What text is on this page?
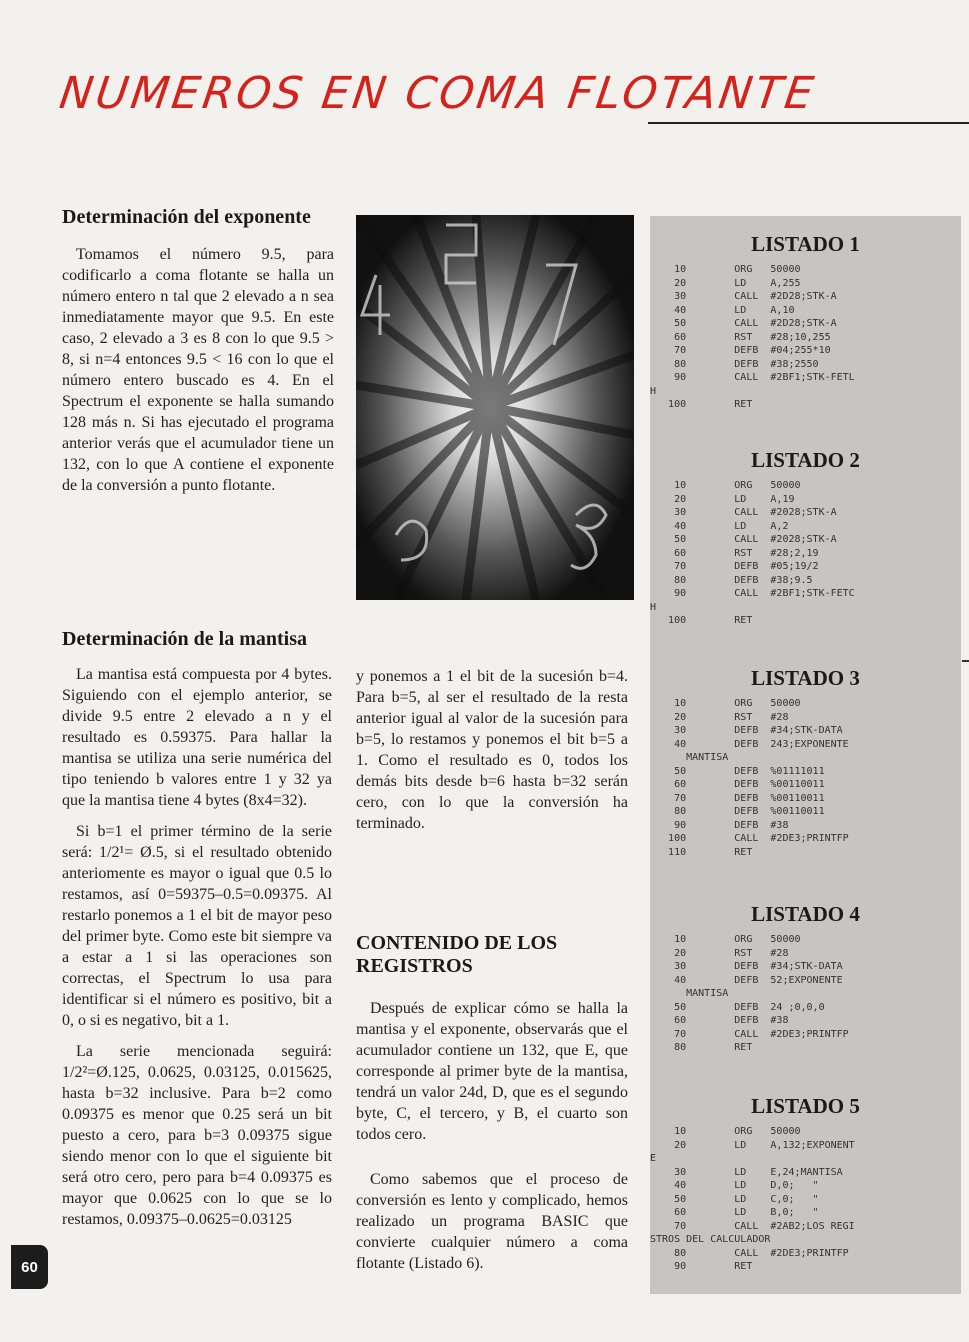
NUMEROS EN COMA FLOTANTE
Determinación del exponente

Tomamos el número 9.5, para codificarlo a coma flotante se halla un número entero n tal que 2 elevado a n sea inmediatamente mayor que 9.5. En este caso, 2 elevado a 3 es 8 con lo que 9.5 > 8, si n=4 entonces 9.5 < 16 con lo que el número entero buscado es 4. En el Spectrum el exponente se halla sumando 128 más n. Si has ejecutado el programa anterior verás que el acumulador tiene un 132, con lo que A contiene el exponente de la conversión a punto flotante.

Determinación de la mantisa

La mantisa está compuesta por 4 bytes. Siguiendo con el ejemplo anterior, se divide 9.5 entre 2 elevado a n y el resultado es 0.59375. Para hallar la mantisa se utiliza una serie numérica del tipo teniendo b valores entre 1 y 32 ya que la mantisa tiene 4 bytes (8x4=32).

Si b=1 el primer término de la serie será: 1/2¹= Ø.5, si el resultado obtenido anteriomente es mayor o igual que 0.5 lo restamos, así 0=59375–0.5=0.09375. Al restarlo ponemos a 1 el bit de mayor peso del primer byte. Como este bit siempre va a estar a 1 si las operaciones son correctas, el Spectrum lo usa para identificar si el número es positivo, bit a 0, o si es negativo, bit a 1.

La serie mencionada seguirá: 1/2²=Ø.125, 0.0625, 0.03125, 0.015625, hasta b=32 inclusive. Para b=2 como 0.09375 es menor que 0.25 será un bit puesto a cero, para b=3 0.09375 sigue siendo menor con lo que el siguiente bit será otro cero, pero para b=4 0.09375 es mayor que 0.0625 con lo que se lo restamos, 0.09375–0.0625=0.03125

y ponemos a 1 el bit de la sucesión b=4. Para b=5, al ser el resultado de la resta anterior igual al valor de la sucesión para b=5, lo restamos y ponemos el bit b=5 a 1. Como el resultado es 0, todos los demás bits desde b=6 hasta b=32 serán cero, con lo que la conversión ha terminado.

CONTENIDO DE LOS REGISTROS

Después de explicar cómo se halla la mantisa y el exponente, observarás que el acumulador contiene un 132, que E, que corresponde al primer byte de la mantisa, tendrá un valor 24d, D, que es el segundo byte, C, el tercero, y B, el cuarto son todos cero.

Como sabemos que el proceso de conversión es lento y complicado, hemos realizado un programa BASIC que convierte cualquier número a coma flotante (Listado 6).

LISTADO 1
10        ORG   50000
20        LD    A,255
30        CALL  #2D28;STK-A
40        LD    A,10
50        CALL  #2D28;STK-A
60        RST   #28;10,255
70        DEFB  #04;255*10
80        DEFB  #38;2550
90        CALL  #2BF1;STK-FETL
H
100        RET
LISTADO 2
10        ORG   50000
20        LD    A,19
30        CALL  #2028;STK-A
40        LD    A,2
50        CALL  #2028;STK-A
60        RST   #28;2,19
70        DEFB  #05;19/2
80        DEFB  #38;9.5
90        CALL  #2BF1;STK-FETC
H
100        RET
LISTADO 3
10        ORG   50000
20        RST   #28
30        DEFB  #34;STK-DATA
40        DEFB  243;EXPONENTE
MANTISA
50        DEFB  %01111011
60        DEFB  %00110011
70        DEFB  %00110011
80        DEFB  %00110011
90        DEFB  #38
100        CALL  #2DE3;PRINTFP
110        RET
LISTADO 4
10        ORG   50000
20        RST   #28
30        DEFB  #34;STK-DATA
40        DEFB  52;EXPONENTE
MANTISA
50        DEFB  24 ;0,0,0
60        DEFB  #38
70        CALL  #2DE3;PRINTFP
80        RET
LISTADO 5
10        ORG   50000
20        LD    A,132;EXPONENT
E
30        LD    E,24;MANTISA
40        LD    D,0;   "
50        LD    C,0;   "
60        LD    B,0;   "
70        CALL  #2AB2;LOS REGI
STROS DEL CALCULADOR
80        CALL  #2DE3;PRINTFP
90        RET
60
